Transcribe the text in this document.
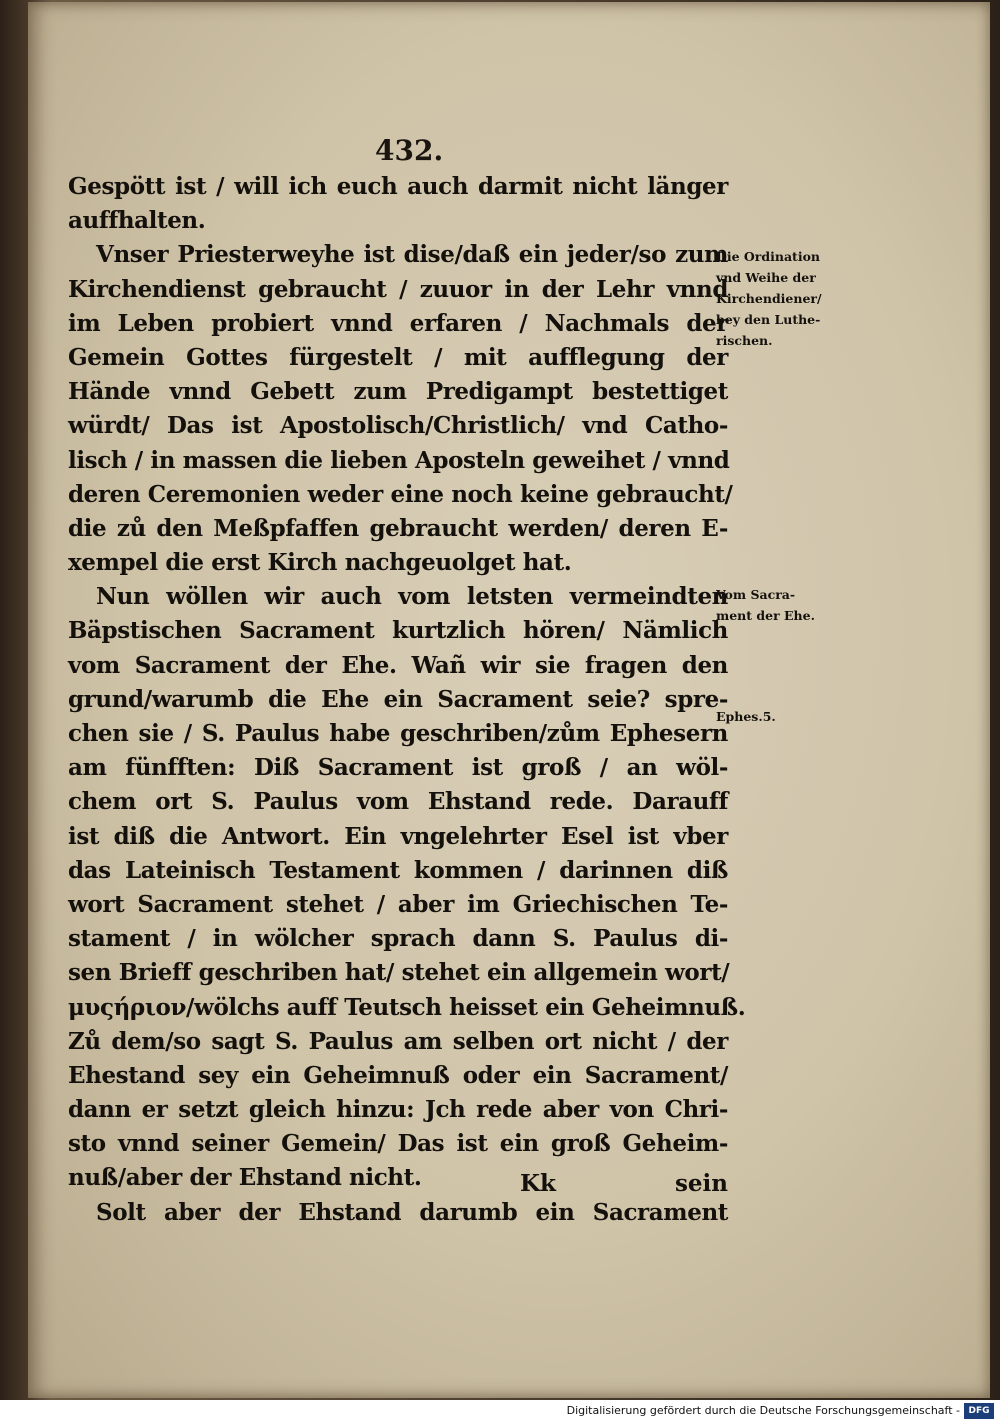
432.
Gespött ist / will ich euch auch darmit nicht länger
auffhalten.
Vnser Priesterweyhe ist dise/daß ein jeder/so zum
Kirchendienst gebraucht / zuuor in der Lehr vnnd
im Leben probiert vnnd erfaren / Nachmals der
Gemein Gottes fürgestelt / mit aufflegung der
Hände vnnd Gebett zum Predigampt bestettiget
würdt/ Das ist Apostolisch/Christlich/ vnd Catho-
lisch / in massen die lieben Aposteln geweihet / vnnd
deren Ceremonien weder eine noch keine gebraucht/
die zů den Meßpfaffen gebraucht werden/ deren E-
xempel die erst Kirch nachgeuolget hat.
Nun wöllen wir auch vom letsten vermeindten
Bäpstischen Sacrament kurtzlich hören/ Nämlich
vom Sacrament der Ehe. Wañ wir sie fragen den
grund/warumb die Ehe ein Sacrament seie? spre-
chen sie / S. Paulus habe geschriben/zům Ephesern
am fünfften: Diß Sacrament ist groß / an wöl-
chem ort S. Paulus vom Ehstand rede. Darauff
ist diß die Antwort. Ein vngelehrter Esel ist vber
das Lateinisch Testament kommen / darinnen diß
wort Sacrament stehet / aber im Griechischen Te-
stament / in wölcher sprach dann S. Paulus di-
sen Brieff geschriben hat/ stehet ein allgemein wort/
μυςήριον/wölchs auff Teutsch heisset ein Geheimnuß.
Zů dem/so sagt S. Paulus am selben ort nicht / der
Ehestand sey ein Geheimnuß oder ein Sacrament/
dann er setzt gleich hinzu: Jch rede aber von Chri-
sto vnnd seiner Gemein/ Das ist ein groß Geheim-
nuß/aber der Ehstand nicht.
Solt aber der Ehstand darumb ein Sacrament
Kk	sein
Die Ordination
vnd Weihe der
Kirchendiener/
bey den Luthe-
rischen.
Vom Sacra-
ment der Ehe.
Ephes.5.
Digitalisierung gefördert durch die Deutsche Forschungsgemeinschaft - DFG
